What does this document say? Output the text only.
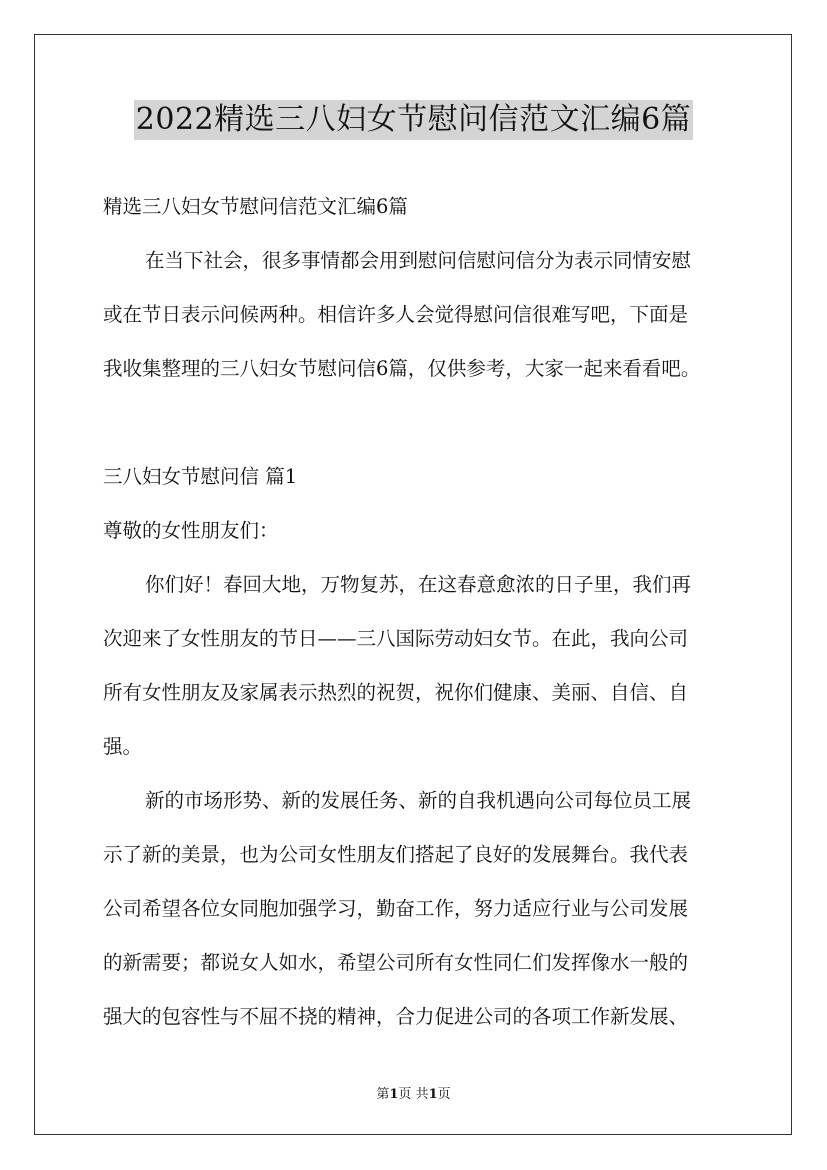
2022精选三八妇女节慰问信范文汇编6篇

精选三八妇女节慰问信范文汇编6篇

在当下社会，很多事情都会用到慰问信慰问信分为表示同情安慰

或在节日表示问候两种。相信许多人会觉得慰问信很难写吧，下面是

我收集整理的三八妇女节慰问信6篇，仅供参考，大家一起来看看吧。

三八妇女节慰问信 篇1

尊敬的女性朋友们：

你们好！春回大地，万物复苏，在这春意愈浓的日子里，我们再

次迎来了女性朋友的节日——三八国际劳动妇女节。在此，我向公司

所有女性朋友及家属表示热烈的祝贺，祝你们健康、美丽、自信、自

强。

新的市场形势、新的发展任务、新的自我机遇向公司每位员工展

示了新的美景，也为公司女性朋友们搭起了良好的发展舞台。我代表

公司希望各位女同胞加强学习，勤奋工作，努力适应行业与公司发展

的新需要；都说女人如水，希望公司所有女性同仁们发挥像水一般的

强大的包容性与不屈不挠的精神，合力促进公司的各项工作新发展、

第1页 共1页
